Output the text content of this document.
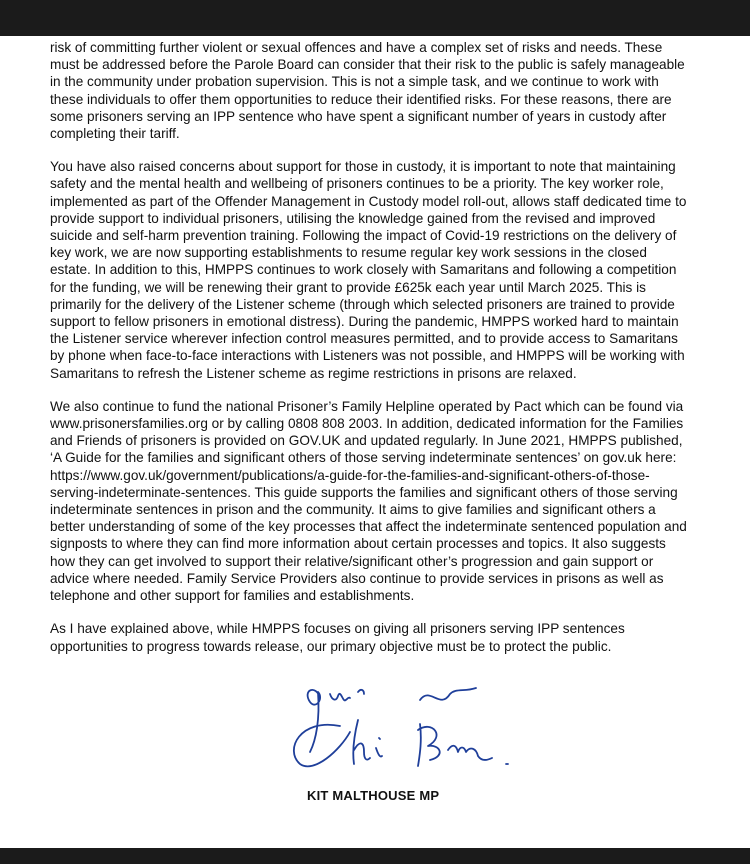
risk of committing further violent or sexual offences and have a complex set of risks and needs. These
must be addressed before the Parole Board can consider that their risk to the public is safely manageable
in the community under probation supervision. This is not a simple task, and we continue to work with
these individuals to offer them opportunities to reduce their identified risks. For these reasons, there are
some prisoners serving an IPP sentence who have spent a significant number of years in custody after
completing their tariff.

You have also raised concerns about support for those in custody, it is important to note that maintaining
safety and the mental health and wellbeing of prisoners continues to be a priority. The key worker role,
implemented as part of the Offender Management in Custody model roll-out, allows staff dedicated time to
provide support to individual prisoners, utilising the knowledge gained from the revised and improved
suicide and self-harm prevention training. Following the impact of Covid-19 restrictions on the delivery of
key work, we are now supporting establishments to resume regular key work sessions in the closed
estate. In addition to this, HMPPS continues to work closely with Samaritans and following a competition
for the funding, we will be renewing their grant to provide £625k each year until March 2025. This is
primarily for the delivery of the Listener scheme (through which selected prisoners are trained to provide
support to fellow prisoners in emotional distress). During the pandemic, HMPPS worked hard to maintain
the Listener service wherever infection control measures permitted, and to provide access to Samaritans
by phone when face-to-face interactions with Listeners was not possible, and HMPPS will be working with
Samaritans to refresh the Listener scheme as regime restrictions in prisons are relaxed.

We also continue to fund the national Prisoner’s Family Helpline operated by Pact which can be found via
www.prisonersfamilies.org or by calling 0808 808 2003. In addition, dedicated information for the Families
and Friends of prisoners is provided on GOV.UK and updated regularly. In June 2021, HMPPS published,
‘A Guide for the families and significant others of those serving indeterminate sentences’ on gov.uk here:
https://www.gov.uk/government/publications/a-guide-for-the-families-and-significant-others-of-those-
serving-indeterminate-sentences. This guide supports the families and significant others of those serving
indeterminate sentences in prison and the community. It aims to give families and significant others a
better understanding of some of the key processes that affect the indeterminate sentenced population and
signposts to where they can find more information about certain processes and topics. It also suggests
how they can get involved to support their relative/significant other’s progression and gain support or
advice where needed. Family Service Providers also continue to provide services in prisons as well as
telephone and other support for families and establishments.

As I have explained above, while HMPPS focuses on giving all prisoners serving IPP sentences
opportunities to progress towards release, our primary objective must be to protect the public.

KIT MALTHOUSE MP
